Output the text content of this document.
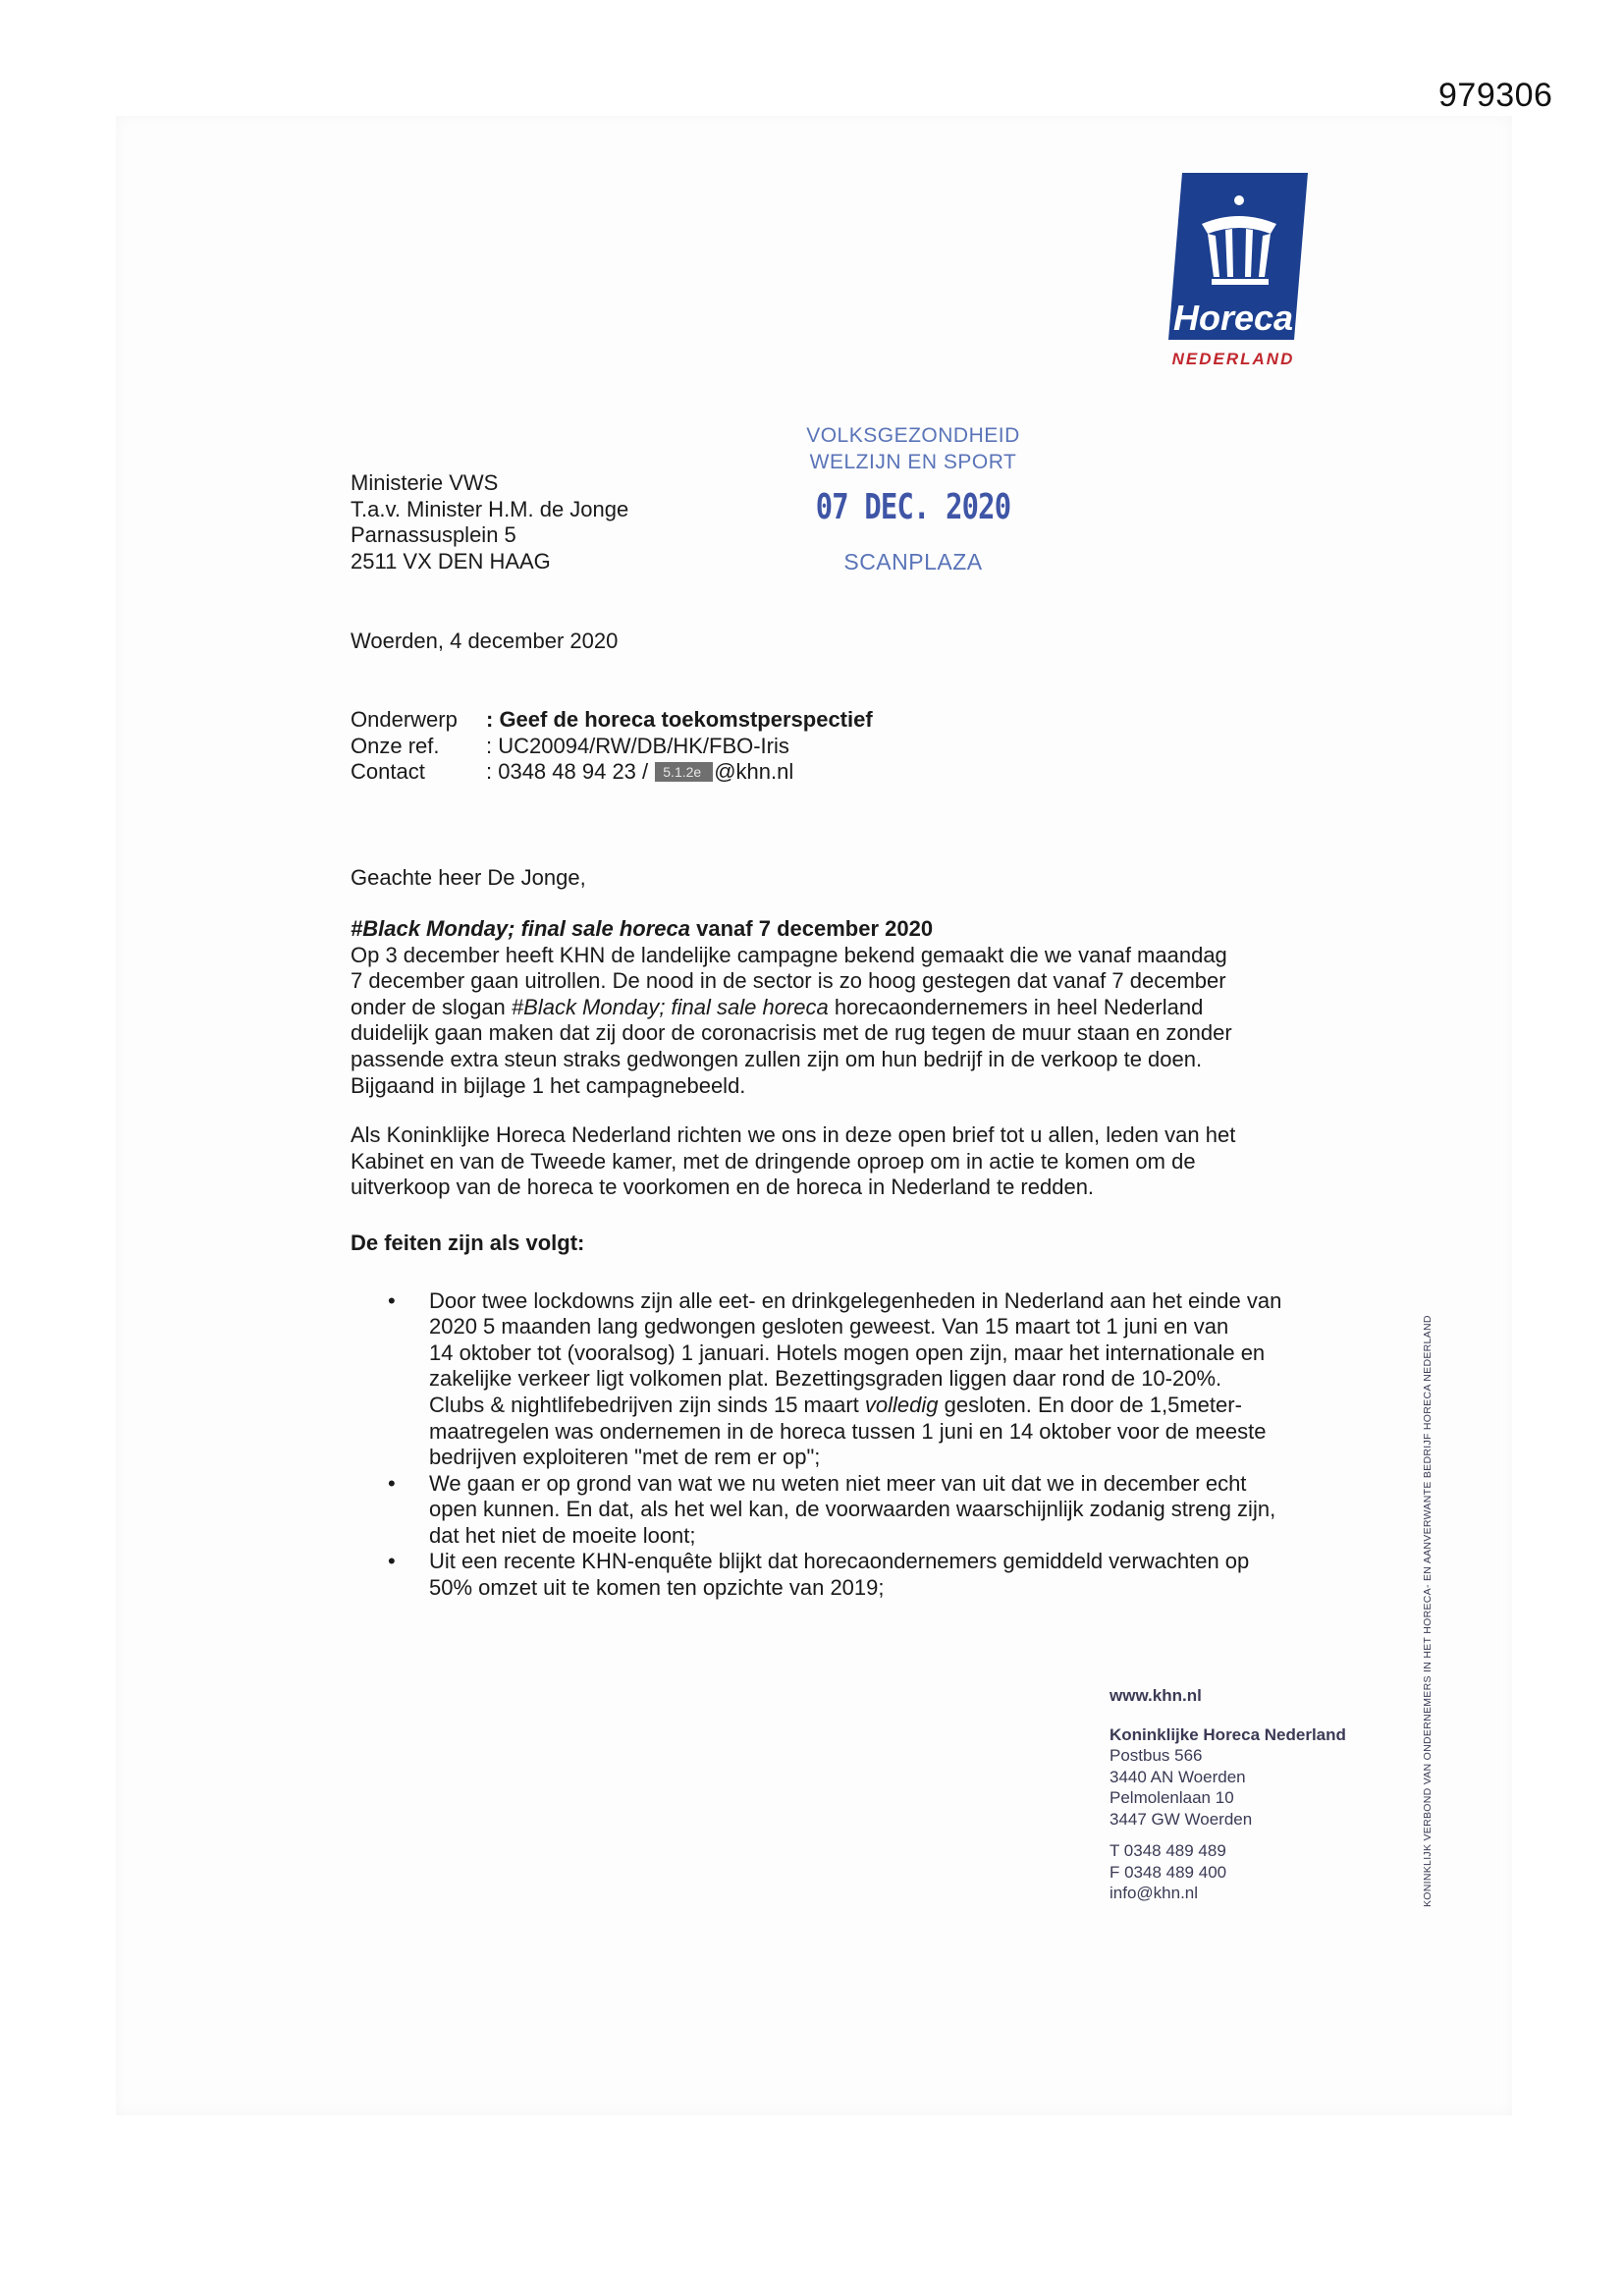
979306
Horeca
NEDERLAND
Ministerie VWS
T.a.v. Minister H.M. de Jonge
Parnassusplein 5
2511 VX DEN HAAG
VOLKSGEZONDHEID
WELZIJN EN SPORT
07 DEC. 2020
SCANPLAZA
Woerden, 4 december 2020
Onderwerp	: Geef de horeca toekomstperspectief
Onze ref.	: UC20094/RW/DB/HK/FBO-Iris
Contact	: 0348 48 94 23 / 5.1.2e @khn.nl
Geachte heer De Jonge,

#Black Monday; final sale horeca vanaf 7 december 2020

Op 3 december heeft KHN de landelijke campagne bekend gemaakt die we vanaf maandag
7 december gaan uitrollen. De nood in de sector is zo hoog gestegen dat vanaf 7 december
onder de slogan #Black Monday; final sale horeca horecaondernemers in heel Nederland
duidelijk gaan maken dat zij door de coronacrisis met de rug tegen de muur staan en zonder
passende extra steun straks gedwongen zullen zijn om hun bedrijf in de verkoop te doen.
Bijgaand in bijlage 1 het campagnebeeld.

Als Koninklijke Horeca Nederland richten we ons in deze open brief tot u allen, leden van het
Kabinet en van de Tweede kamer, met de dringende oproep om in actie te komen om de
uitverkoop van de horeca te voorkomen en de horeca in Nederland te redden.

De feiten zijn als volgt:
• Door twee lockdowns zijn alle eet- en drinkgelegenheden in Nederland aan het einde van
2020 5 maanden lang gedwongen gesloten geweest. Van 15 maart tot 1 juni en van
14 oktober tot (vooralsog) 1 januari. Hotels mogen open zijn, maar het internationale en
zakelijke verkeer ligt volkomen plat. Bezettingsgraden liggen daar rond de 10-20%.
Clubs & nightlifebedrijven zijn sinds 15 maart volledig gesloten. En door de 1,5meter-
maatregelen was ondernemen in de horeca tussen 1 juni en 14 oktober voor de meeste
bedrijven exploiteren "met de rem er op";
• We gaan er op grond van wat we nu weten niet meer van uit dat we in december echt
open kunnen. En dat, als het wel kan, de voorwaarden waarschijnlijk zodanig streng zijn,
dat het niet de moeite loont;
• Uit een recente KHN-enquête blijkt dat horecaondernemers gemiddeld verwachten op
50% omzet uit te komen ten opzichte van 2019;
www.khn.nl
Koninklijke Horeca Nederland
Postbus 566
3440 AN Woerden
Pelmolenlaan 10
3447 GW Woerden
T 0348 489 489
F 0348 489 400
info@khn.nl	KONINKLIJK VERBOND VAN ONDERNEMERS IN HET HORECA- EN AANVERWANTE BEDRIJF HORECA NEDERLAND
